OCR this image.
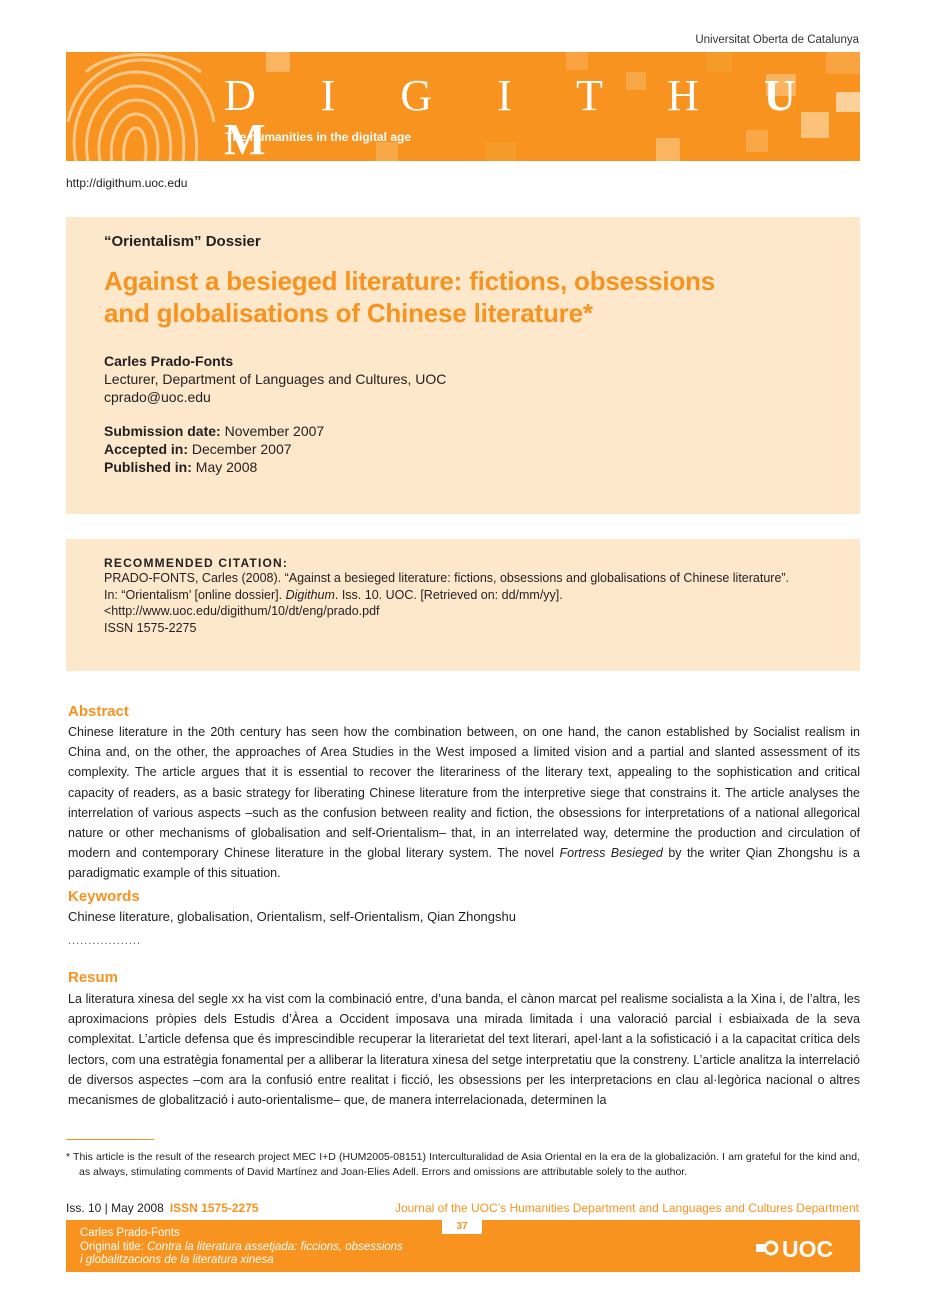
Universitat Oberta de Catalunya
D I G I T H U M
The humanities in the digital age
http://digithum.uoc.edu
“Orientalism” Dossier
Against a besieged literature: fictions, obsessions
and globalisations of Chinese literature*
Carles Prado-Fonts
Lecturer, Department of Languages and Cultures, UOC
cprado@uoc.edu
Submission date: November 2007
Accepted in: December 2007
Published in: May 2008
RECOMMENDED CITATION:
PRADO-FONTS, Carles (2008). “Against a besieged literature: fictions, obsessions and globalisations of Chinese literature”.
In: “Orientalism’ [online dossier]. Digithum. Iss. 10. UOC. [Retrieved on: dd/mm/yy].
<http://www.uoc.edu/digithum/10/dt/eng/prado.pdf
ISSN 1575-2275
Abstract
Chinese literature in the 20th century has seen how the combination between, on one hand, the canon established by Socialist realism in China and, on the other, the approaches of Area Studies in the West imposed a limited vision and a partial and slanted assessment of its complexity. The article argues that it is essential to recover the literariness of the literary text, appealing to the sophistication and critical capacity of readers, as a basic strategy for liberating Chinese literature from the interpretive siege that constrains it. The article analyses the interrelation of various aspects –such as the confusion between reality and fiction, the obsessions for interpretations of a national allegorical nature or other mechanisms of globalisation and self-Orientalism– that, in an interrelated way, determine the production and circulation of modern and contemporary Chinese literature in the global literary system. The novel Fortress Besieged by the writer Qian Zhongshu is a paradigmatic example of this situation.
Keywords
Chinese literature, globalisation, Orientalism, self-Orientalism, Qian Zhongshu
..................
Resum
La literatura xinesa del segle xx ha vist com la combinació entre, d’una banda, el cànon marcat pel realisme socialista a la Xina i, de l’altra, les aproximacions pròpies dels Estudis d’Àrea a Occident imposava una mirada limitada i una valoració parcial i esbiaixada de la seva complexitat. L’article defensa que és imprescindible recuperar la literarietat del text literari, apel·lant a la sofisticació i a la capacitat crítica dels lectors, com una estratègia fonamental per a alliberar la literatura xinesa del setge interpretatiu que la constreny. L’article analitza la interrelació de diversos aspectes –com ara la confusió entre realitat i ficció, les obsessions per les interpretacions en clau al·legòrica nacional o altres mecanismes de globalització i auto-orientalisme– que, de manera interrelacionada, determinen la
* This article is the result of the research project MEC I+D (HUM2005-08151) Interculturalidad de Asia Oriental en la era de la globalización. I am grateful for the kind and, as always, stimulating comments of David Martínez and Joan-Elies Adell. Errors and omissions are attributable solely to the author.
Iss. 10 | May 2008 ISSN 1575-2275	Journal of the UOC’s Humanities Department and Languages and Cultures Department
37
Carles Prado-Fonts
Original title: Contra la literatura assetjada: ficcions, obsessions
i globalitzacions de la literatura xinesa	UOC
